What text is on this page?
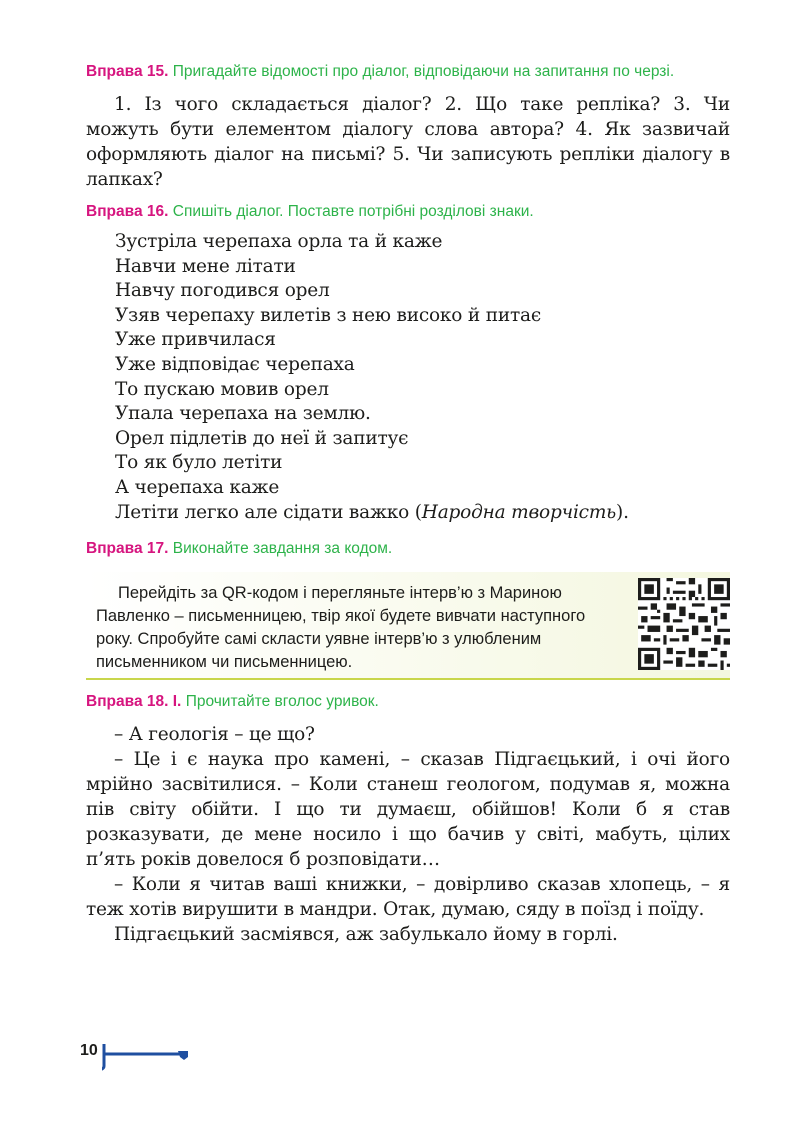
Вправа 15. Пригадайте відомості про діалог, відповідаючи на запитання по черзі.

1. Із чого складається діалог? 2. Що таке репліка? 3. Чи можуть бути елементом діалогу слова автора? 4. Як зазвичай оформляють діалог на письмі? 5. Чи записують репліки діалогу в лапках?

Вправа 16. Спишіть діалог. Поставте потрібні розділові знаки.

Зустріла черепаха орла та й каже
Навчи мене літати
Навчу погодився орел
Узяв черепаху вилетів з нею високо й питає
Уже привчилася
Уже відповідає черепаха
То пускаю мовив орел
Упала черепаха на землю.
Орел підлетів до неї й запитує
То як було летіти
А черепаха каже
Летіти легко але сідати важко (Народна творчість).

Вправа 17. Виконайте завдання за кодом.

Перейдіть за QR-кодом і перегляньте інтерв’ю з Мариною Павленко – письменницею, твір якої будете вивчати наступного року. Спробуйте самі скласти уявне інтерв’ю з улюбленим письменником чи письменницею.

Вправа 18. І. Прочитайте вголос уривок.

– А геологія – це що?

– Це і є наука про камені, – сказав Підгаєцький, і очі його мрійно засвітилися. – Коли станеш геологом, подумав я, можна пів світу обійти. І що ти думаєш, обійшов! Коли б я став розказувати, де мене носило і що бачив у світі, мабуть, цілих п’ять років довелося б розповідати…

– Коли я читав ваші книжки, – довірливо сказав хлопець, – я теж хотів вирушити в мандри. Отак, думаю, сяду в поїзд і поїду.

Підгаєцький засміявся, аж забулькало йому в горлі.

10
